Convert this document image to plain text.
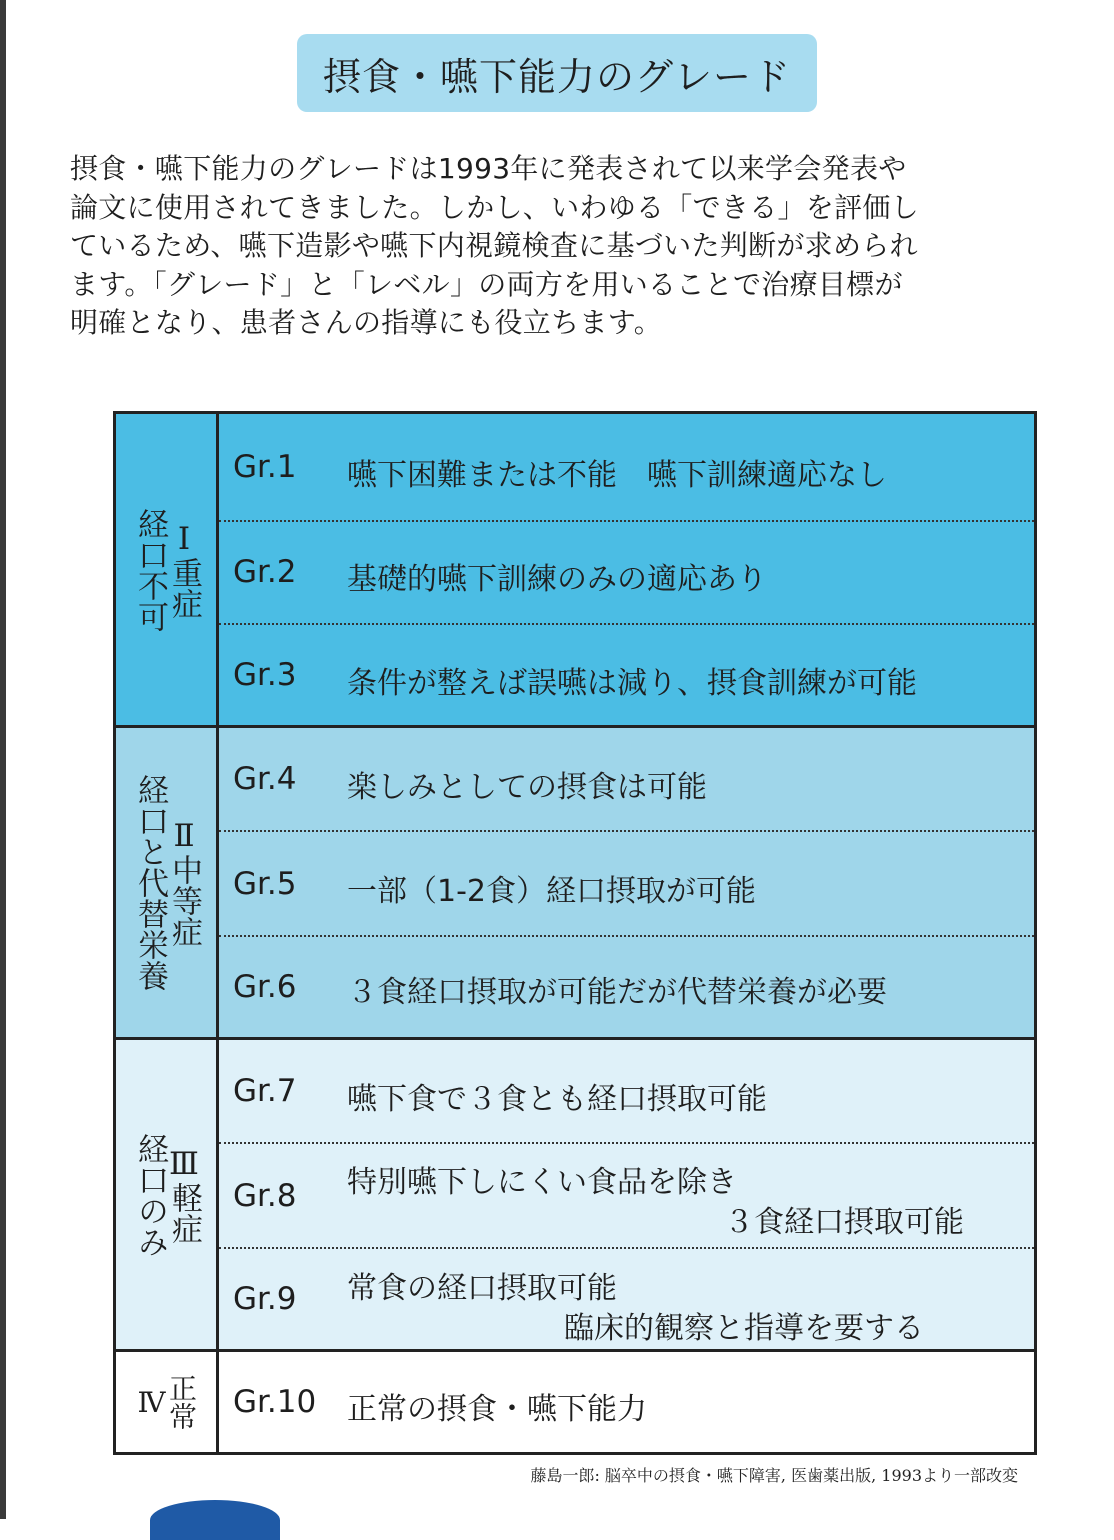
摂食・嚥下能力のグレード
摂食・嚥下能力のグレードは1993年に発表されて以来学会発表や
論文に使用されてきました。しかし、いわゆる「できる」を評価し
ているため、嚥下造影や嚥下内視鏡検査に基づいた判断が求められ
ます。「グレード」と「レベル」の両方を用いることで治療目標が
明確となり、患者さんの指導にも役立ちます。
経口不可
Ⅰ重症
Gr.1 嚥下困難または不能　嚥下訓練適応なし
Gr.2 基礎的嚥下訓練のみの適応あり
Gr.3 条件が整えば誤嚥は減り、摂食訓練が可能
経口と代替栄養
Ⅱ中等症
Gr.4 楽しみとしての摂食は可能
Gr.5 一部（1-2食）経口摂取が可能
Gr.6 ３食経口摂取が可能だが代替栄養が必要
経口のみ
Ⅲ軽症
Gr.7 嚥下食で３食とも経口摂取可能
Gr.8 特別嚥下しにくい食品を除き
３食経口摂取可能
Gr.9 常食の経口摂取可能
臨床的観察と指導を要する
Ⅳ
正常 Gr.10 正常の摂食・嚥下能力
藤島一郎: 脳卒中の摂食・嚥下障害, 医歯薬出版, 1993より一部改変
